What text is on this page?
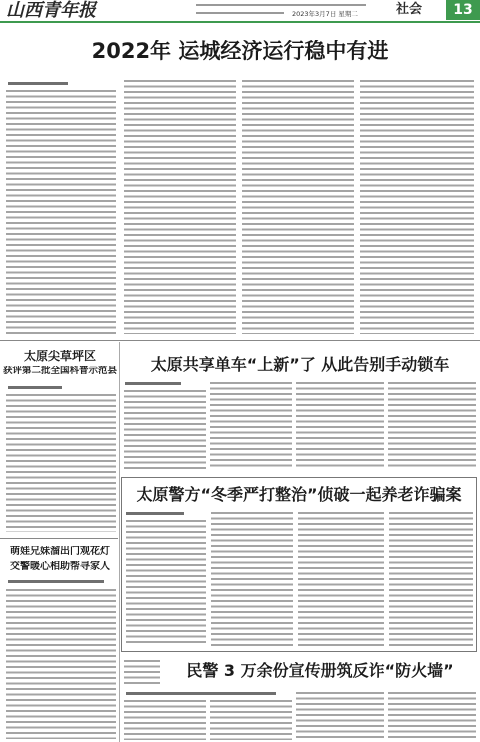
山西青年报	2023年3月7日 星期二	社会	13
2022年 运城经济运行稳中有进
太原尖草坪区
获评第二批全国科普示范县
萌娃兄妹溜出门观花灯
交警暖心相助帮寻家人
太原共享单车“上新”了 从此告别手动锁车
太原警方“冬季严打整治”侦破一起养老诈骗案
民警 3 万余份宣传册筑反诈“防火墙”
